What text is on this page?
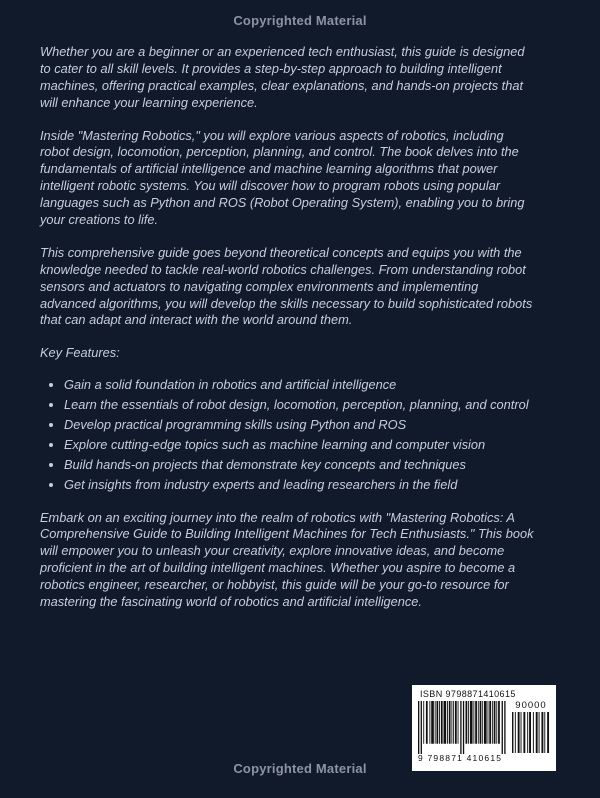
Copyrighted Material

Whether you are a beginner or an experienced tech enthusiast, this guide is designed to cater to all skill levels. It provides a step-by-step approach to building intelligent machines, offering practical examples, clear explanations, and hands-on projects that will enhance your learning experience.

Inside "Mastering Robotics," you will explore various aspects of robotics, including robot design, locomotion, perception, planning, and control. The book delves into the fundamentals of artificial intelligence and machine learning algorithms that power intelligent robotic systems. You will discover how to program robots using popular languages such as Python and ROS (Robot Operating System), enabling you to bring your creations to life.

This comprehensive guide goes beyond theoretical concepts and equips you with the knowledge needed to tackle real-world robotics challenges. From understanding robot sensors and actuators to navigating complex environments and implementing advanced algorithms, you will develop the skills necessary to build sophisticated robots that can adapt and interact with the world around them.

Key Features:

• Gain a solid foundation in robotics and artificial intelligence
• Learn the essentials of robot design, locomotion, perception, planning, and control
• Develop practical programming skills using Python and ROS
• Explore cutting-edge topics such as machine learning and computer vision
• Build hands-on projects that demonstrate key concepts and techniques
• Get insights from industry experts and leading researchers in the field

Embark on an exciting journey into the realm of robotics with "Mastering Robotics: A Comprehensive Guide to Building Intelligent Machines for Tech Enthusiasts." This book will empower you to unleash your creativity, explore innovative ideas, and become proficient in the art of building intelligent machines. Whether you aspire to become a robotics engineer, researcher, or hobbyist, this guide will be your go-to resource for mastering the fascinating world of robotics and artificial intelligence.

ISBN 9798871410615
9 798871 410615
90000
Copyrighted Material
